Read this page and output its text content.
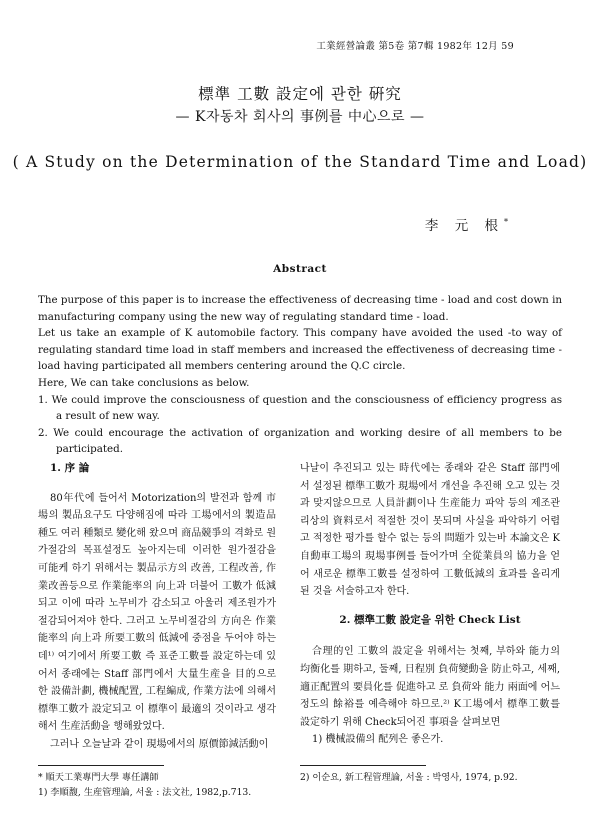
工業經營論叢 第5卷 第7輯 1982年 12月 59
標準 工數 設定에 관한 硏究
— K자동차 회사의 事例를 中心으로 —
( A Study on the Determination of the Standard Time and Load)
李 元 根*
Abstract

The purpose of this paper is to increase the effectiveness of decreasing time - load and cost down in manufacturing company using the new way of regulating standard time - load.

Let us take an example of K automobile factory. This company have avoided the used -to way of regulating standard time load in staff members and increased the effectiveness of decreasing time - load having participated all members centering around the Q.C circle.

Here, We can take conclusions as below.

1. We could improve the consciousness of question and the consciousness of efficiency progress as a result of new way.

2. We could encourage the activation of organization and working desire of all members to be participated.

1. 序 論

80年代에 들어서 Motorization의 발전과 함께 市場의 製品요구도 다양해짐에 따라 工場에서의 製造品種도 여러 種類로 變化해 왔으며 商品競爭의 격화로 원가절감의 목표설정도 높아지는데 이러한 원가절감을 可能케 하기 위해서는 製品示方의 改善, 工程改善, 作業改善등으로 作業能率의 向上과 더불어 工數가 低減되고 이에 따라 노무비가 감소되고 아울러 제조원가가 절감되어져야 한다. 그러고 노무비절감의 方向은 作業能率의 向上과 所要工數의 低減에 중점을 두어야 하는데¹⁾ 여기에서 所要工數 즉 표준工數를 設定하는데 있어서 종래에는 Staff 部門에서 大量生産을 目的으로 한 設備計劃, 機械配置, 工程編成, 作業方法에 의해서 標準工數가 設定되고 이 標準이 最適의 것이라고 생각해서 生産活動을 행해왔었다.

그러나 오늘날과 같이 現場에서의 原價節減活動이

나날이 추진되고 있는 時代에는 종래와 같은 Staff 部門에서 설정된 標準工數가 現場에서 개선을 추진해 오고 있는 것과 맞지않으므로 人員計劃이나 生産能力 파악 등의 제조관리상의 資料로서 적절한 것이 못되며 사실을 파악하기 어렵고 적정한 평가를 할수 없는 등의 問題가 있는바 本論文은 K自動車工場의 現場事例를 들어가며 全從業員의 協力을 얻어 새로운 標準工數를 설정하여 工數低減의 효과를 올리게 된 것을 서술하고자 한다.

2. 標準工數 設定을 위한 Check List

合理的인 工數의 設定을 위해서는 첫째, 부하와 能力의 均衡化를 期하고, 둘째, 日程別 負荷變動을 防止하고, 세째, 適正配置의 要員化를 促進하고 로 負荷와 能力 兩面에 어느 정도의 餘裕를 예측해야 하므로.²⁾ K工場에서 標準工數를 設定하기 위해 Check되어진 事項을 살펴보면

1) 機械設備의 配列은 좋은가.

* 順天工業專門大學 專任講師

1) 李順馥, 生産管理論, 서울 : 法文社, 1982,p.713.

2) 이순요, 新工程管理論, 서울 : 박영사, 1974, p.92.
